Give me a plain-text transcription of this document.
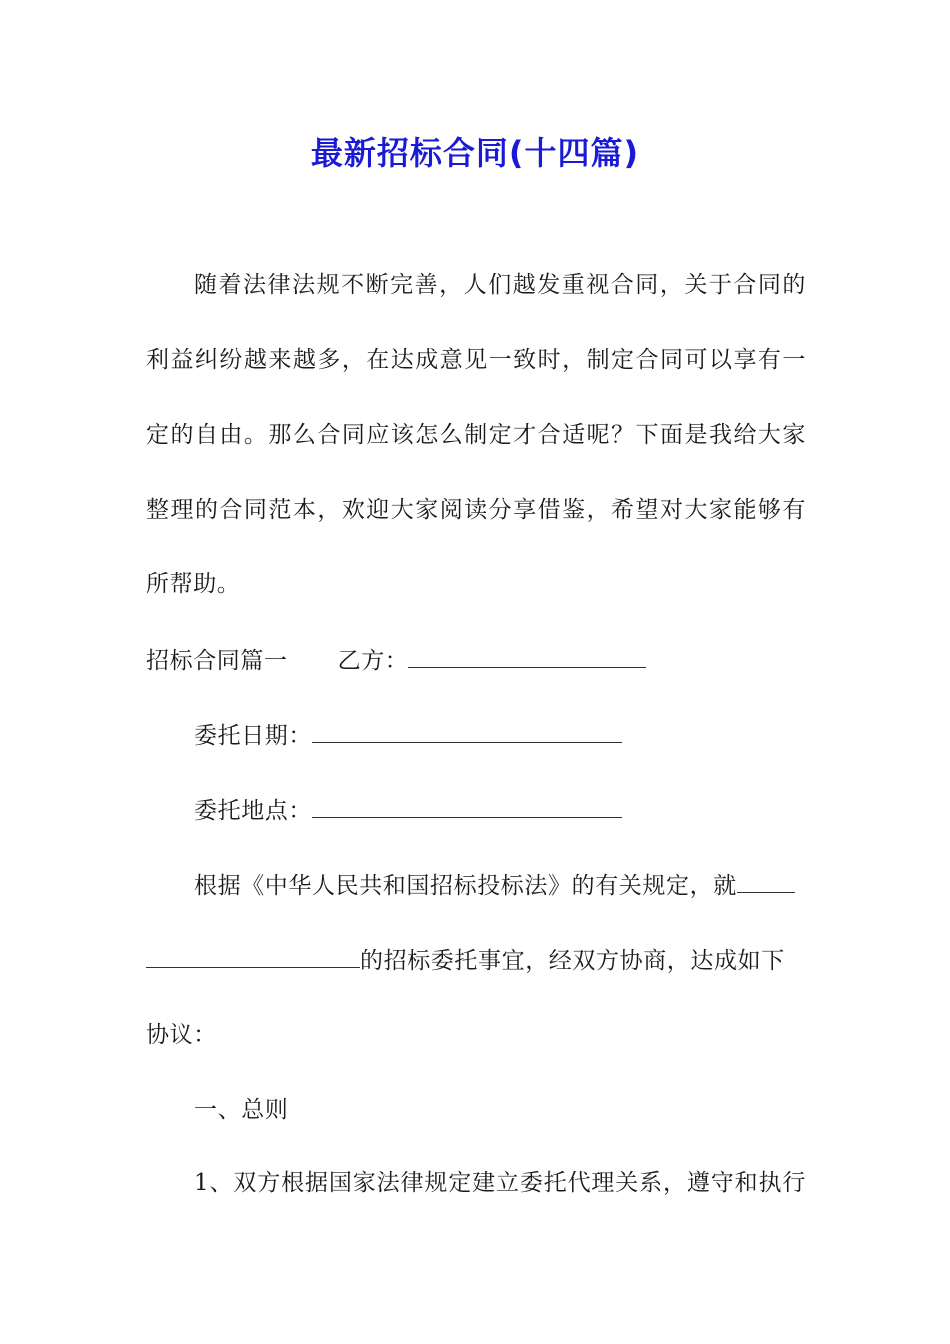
最新招标合同(十四篇)
随着法律法规不断完善，人们越发重视合同，关于合同的
利益纠纷越来越多，在达成意见一致时，制定合同可以享有一
定的自由。那么合同应该怎么制定才合适呢？下面是我给大家
整理的合同范本，欢迎大家阅读分享借鉴，希望对大家能够有
所帮助。
招标合同篇一 乙方：
委托日期：
委托地点：
根据《中华人民共和国招标投标法》的有关规定，就
的招标委托事宜，经双方协商，达成如下
协议：
一、总则
1、双方根据国家法律规定建立委托代理关系，遵守和执行
